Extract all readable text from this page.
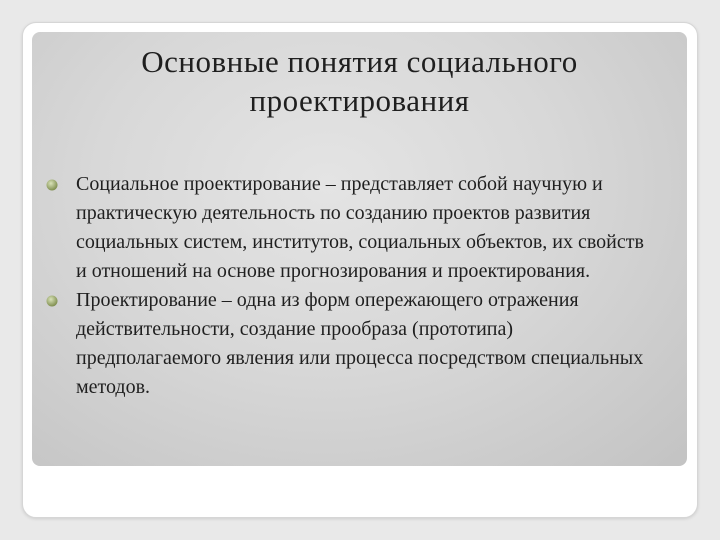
Основные понятия социального
проектирования
Социальное проектирование – представляет собой научную и практическую деятельность по созданию проектов развития социальных систем, институтов, социальных объектов, их свойств и отношений на основе прогнозирования и проектирования.
Проектирование – одна из форм опережающего отражения действительности, создание прообраза (прототипа) предполагаемого явления или процесса посредством специальных методов.
